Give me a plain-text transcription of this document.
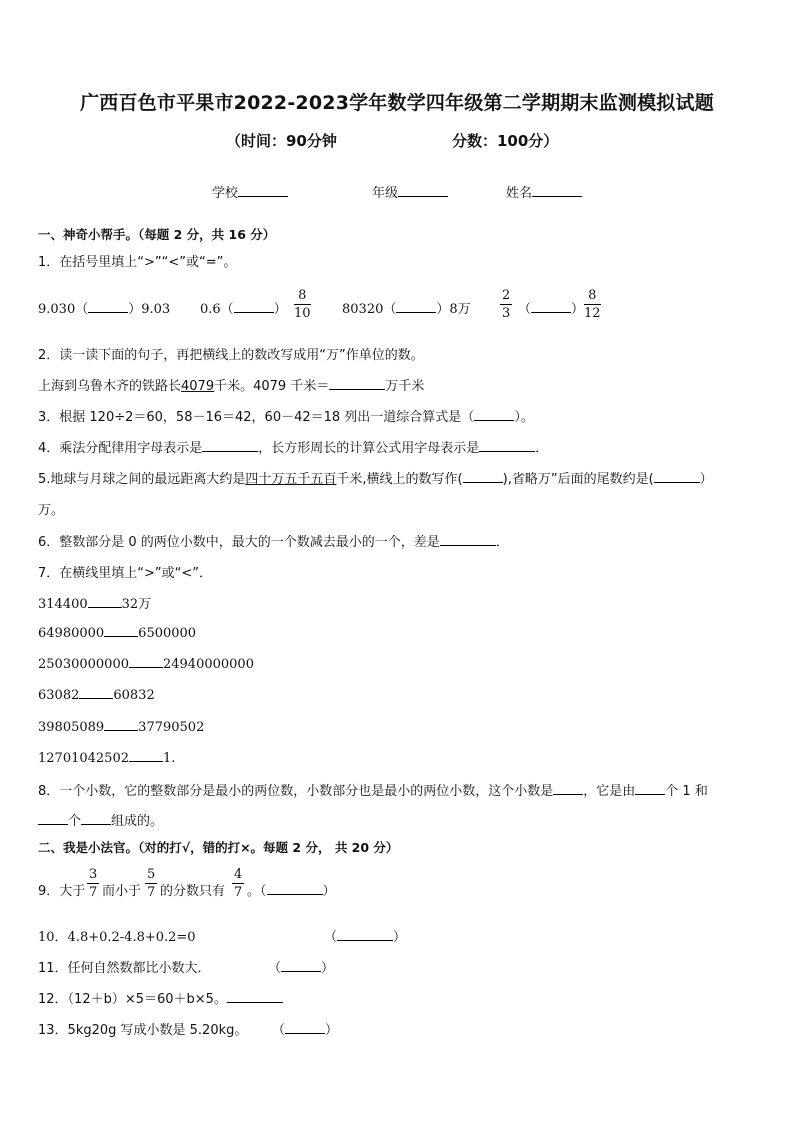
广西百色市平果市2022-2023学年数学四年级第二学期期末监测模拟试题
（时间：90分钟	分数：100分）
学校	年级	姓名
一、神奇小帮手。（每题 2 分，共 16 分）
1．在括号里填上“>”“<”或“=”。
9.030（	）9.03 0.6（	） $\frac{8}{10} 80320$（	）8万 $\frac{2}{3}$ （	） $\frac{8}{12}$
2．读一读下面的句子，再把横线上的数改写成用“万”作单位的数。
上海到乌鲁木齐的铁路长4079千米。4079 千米＝	万千米
3．根据 120÷2＝60，58－16＝42，60－42＝18 列出一道综合算式是（	）。
4．乘法分配律用字母表示是	，长方形周长的计算公式用字母表示是	．
5.地球与月球之间的最远距离大约是四十万五千五百千米,横线上的数写作(	),省略万”后面的尾数约是(	）
万。
6．整数部分是 0 的两位小数中，最大的一个数减去最小的一个，差是	．
7．在横线里填上“>”或“<”．
314400	32万
64980000	6500000
25030000000	24940000000
63082	60832
39805089	37790502
12701042502	1.
8．一个小数，它的整数部分是最小的两位数，小数部分也是最小的两位小数，这个小数是 ，它是由 个 1 和
个 组成的。
二、我是小法官。（对的打√，错的打×。每题 2 分， 共 20 分）
9．大于 $\frac{3}{7}$ 而小于 $\frac{5}{7}$ 的分数只有 $\frac{4}{7}$ 。（	）
10．4.8+0.2-4.8+0.2=0	（	）
11．任何自然数都比小数大．	（	）
12．（12＋b）×5＝60＋b×5。
13．5kg20g 写成小数是 5.20kg。 （	）
